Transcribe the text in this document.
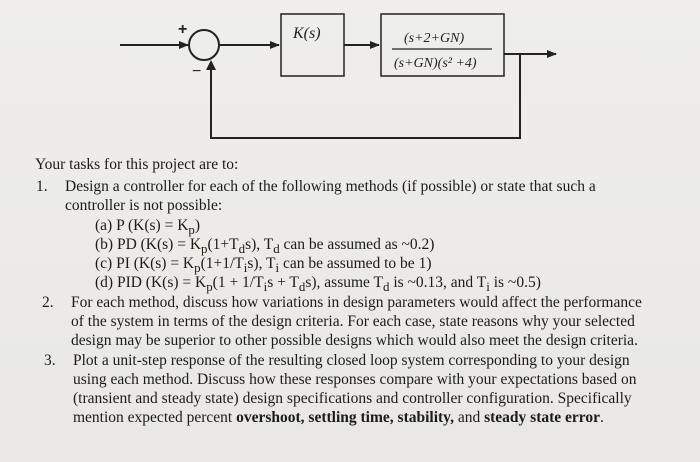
+
−
K(s)	(s+2+GN)
(s+GN)(s² +4)
Your tasks for this project are to:
1. Design a controller for each of the following methods (if possible) or state that such a
controller is not possible:
(a) P $(K(s) = K_p)$
(b) PD ($K(s) = K_p(1+T_ds)$, $T_d$ can be assumed as ~0.2)
(c) PI ($K(s) = K_p(1+1/T_is)$, $T_i$ can be assumed to be 1)
(d) PID ($K(s) = K_p(1 + 1/T_is + T_ds)$, assume $T_d$ is ~0.13, and $T_i$ is ~0.5)
2. For each method, discuss how variations in design parameters would affect the performance
of the system in terms of the design criteria. For each case, state reasons why your selected
design may be superior to other possible designs which would also meet the design criteria.
3. Plot a unit-step response of the resulting closed loop system corresponding to your design
using each method. Discuss how these responses compare with your expectations based on
(transient and steady state) design specifications and controller configuration. Specifically
mention expected percent overshoot, settling time, stability, and steady state error.
